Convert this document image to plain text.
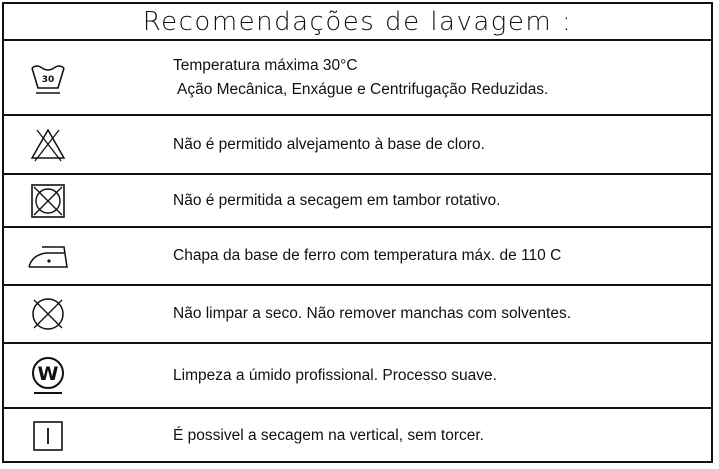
Recomendações de lavagem :
30
Temperatura máxima 30°C
Ação Mecânica, Enxágue e Centrifugação Reduzidas.
Não é permitido alvejamento à base de cloro.
Não é permitida a secagem em tambor rotativo.
Chapa da base de ferro com temperatura máx. de 110 C
Não limpar a seco. Não remover manchas com solventes.
W	Limpeza a úmido profissional. Processo suave.
É possivel a secagem na vertical, sem torcer.
